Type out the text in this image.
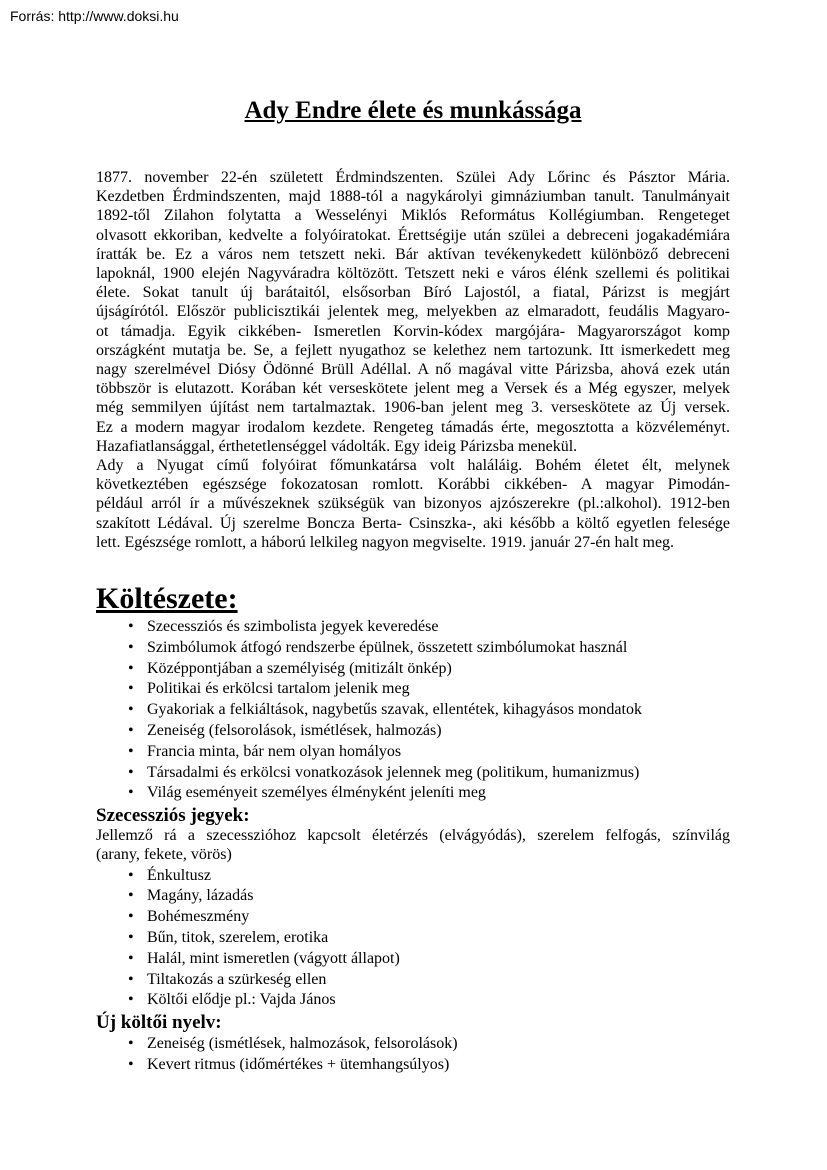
Forrás: http://www.doksi.hu
Ady Endre élete és munkássága
1877. november 22-én született Érdmindszenten. Szülei Ady Lőrinc és Pásztor Mária.
Kezdetben Érdmindszenten, majd 1888-tól a nagykárolyi gimnáziumban tanult. Tanulmányait
1892-től Zilahon folytatta a Wesselényi Miklós Református Kollégiumban. Rengeteget
olvasott ekkoriban, kedvelte a folyóiratokat. Érettségije után szülei a debreceni jogakadémiára
íratták be. Ez a város nem tetszett neki. Bár aktívan tevékenykedett különböző debreceni
lapoknál, 1900 elején Nagyváradra költözött. Tetszett neki e város élénk szellemi és politikai
élete. Sokat tanult új barátaitól, elsősorban Bíró Lajostól, a fiatal, Párizst is megjárt
újságírótól. Először publicisztikái jelentek meg, melyekben az elmaradott, feudális Magyaro-
ot támadja. Egyik cikkében- Ismeretlen Korvin-kódex margójára- Magyarországot komp
országként mutatja be. Se, a fejlett nyugathoz se kelethez nem tartozunk. Itt ismerkedett meg
nagy szerelmével Diósy Ödönné Brüll Adéllal. A nő magával vitte Párizsba, ahová ezek után
többször is elutazott. Korában két verseskötete jelent meg a Versek és a Még egyszer, melyek
még semmilyen újítást nem tartalmaztak. 1906-ban jelent meg 3. verseskötete az Új versek.
Ez a modern magyar irodalom kezdete. Rengeteg támadás érte, megosztotta a közvéleményt.
Hazafiatlansággal, érthetetlenséggel vádolták. Egy ideig Párizsba menekül.
Ady a Nyugat című folyóirat főmunkatársa volt haláláig. Bohém életet élt, melynek
következtében egészsége fokozatosan romlott. Korábbi cikkében- A magyar Pimodán-
például arról ír a művészeknek szükségük van bizonyos ajzószerekre (pl.:alkohol). 1912-ben
szakított Lédával. Új szerelme Boncza Berta- Csinszka-, aki később a költő egyetlen felesége
lett. Egészsége romlott, a háború lelkileg nagyon megviselte. 1919. január 27-én halt meg.
Költészete:
• Szecessziós és szimbolista jegyek keveredése
• Szimbólumok átfogó rendszerbe épülnek, összetett szimbólumokat használ
• Középpontjában a személyiség (mitizált önkép)
• Politikai és erkölcsi tartalom jelenik meg
• Gyakoriak a felkiáltások, nagybetűs szavak, ellentétek, kihagyásos mondatok
• Zeneiség (felsorolások, ismétlések, halmozás)
• Francia minta, bár nem olyan homályos
• Társadalmi és erkölcsi vonatkozások jelennek meg (politikum, humanizmus)
• Világ eseményeit személyes élményként jeleníti meg
Szecessziós jegyek:
Jellemző rá a szecesszióhoz kapcsolt életérzés (elvágyódás), szerelem felfogás, színvilág
(arany, fekete, vörös)
• Énkultusz
• Magány, lázadás
• Bohémeszmény
• Bűn, titok, szerelem, erotika
• Halál, mint ismeretlen (vágyott állapot)
• Tiltakozás a szürkeség ellen
• Költői elődje pl.: Vajda János
Új költői nyelv:
• Zeneiség (ismétlések, halmozások, felsorolások)
• Kevert ritmus (időmértékes + ütemhangsúlyos)
